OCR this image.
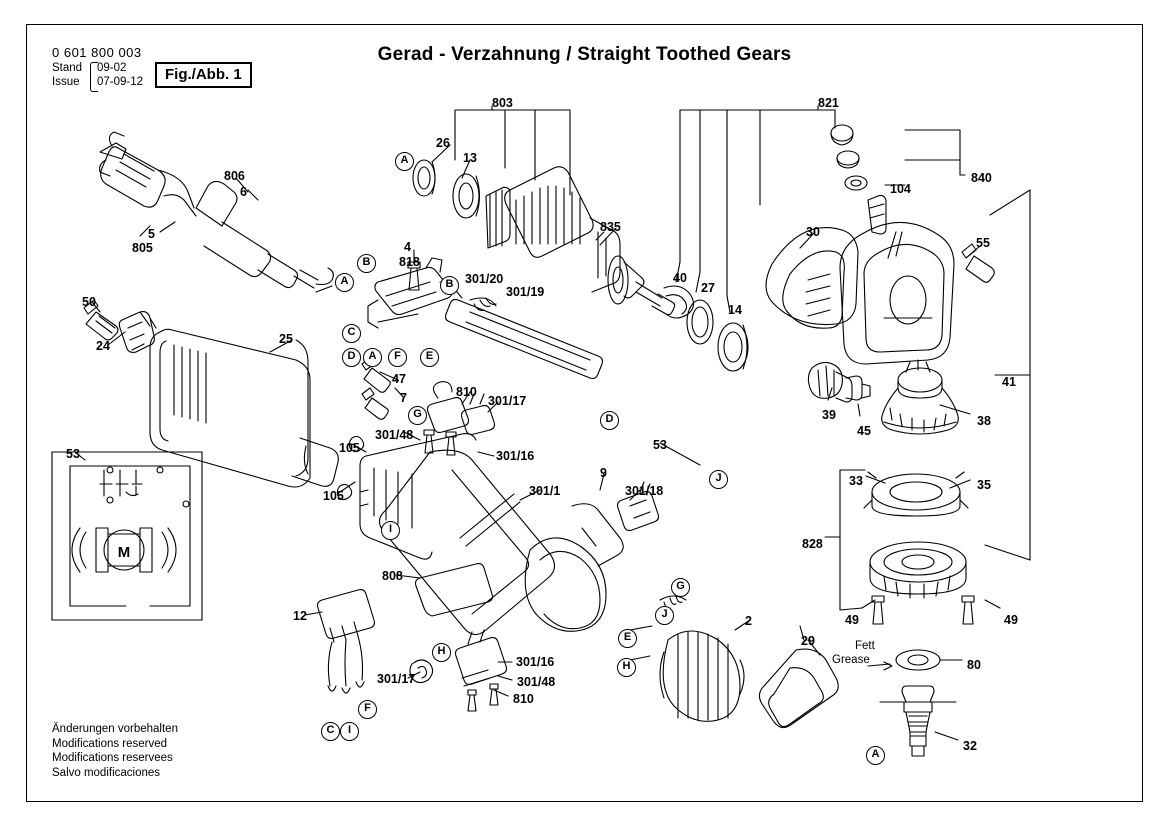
0 601 800 003
Stand
Issue
09-02
07-09-12	Fig./Abb. 1
Gerad - Verzahnung / Straight Toothed Gears
Änderungen vorbehalten
Modifications reserved
Modifications reservees
Salvo modificaciones
M
806
6
5
805
50
24	25
47
7
105
105
301/48
810
301/17
301/16
301/1
9
301/18
808
12
301/17
301/16
301/48
810
2
29
80
32
53
53
26
13
4
818
301/20
301/19
803
835
40
27
14
821
30
104
840
55
41
39
45
38
33	35
828
49	49
Fett
Grease
A
B
A	B
C
D	A	F	E
G	D
J
I
G
J
E
H
H
F
C	I
A
